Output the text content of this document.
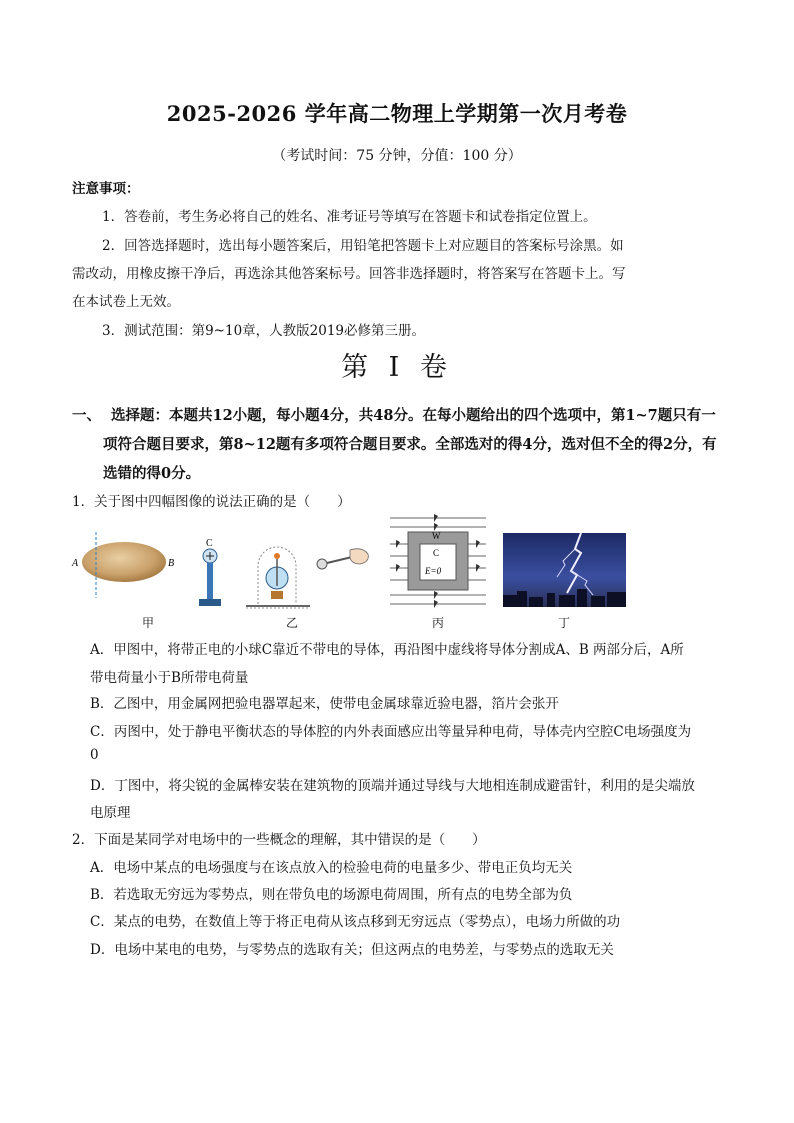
2025-2026 学年高二物理上学期第一次月考卷
（考试时间：75 分钟，分值：100 分）
注意事项：
1．答卷前，考生务必将自己的姓名、准考证号等填写在答题卡和试卷指定位置上。
2．回答选择题时，选出每小题答案后，用铅笔把答题卡上对应题目的答案标号涂黑。如
需改动，用橡皮擦干净后，再选涂其他答案标号。回答非选择题时，将答案写在答题卡上。写
在本试卷上无效。
3．测试范围：第9~10章，人教版2019必修第三册。
第 I 卷
一、 选择题：本题共12小题，每小题4分，共48分。在每小题给出的四个选项中，第1~7题只有一
项符合题目要求，第8~12题有多项符合题目要求。全部选对的得4分，选对但不全的得2分，有
选错的得0分。
1．关于图中四幅图像的说法正确的是（　　）
A	B
C
W
C
E=0
甲	乙	丙	丁
A．甲图中，将带正电的小球C靠近不带电的导体，再沿图中虚线将导体分割成A、B 两部分后，A所
带电荷量小于B所带电荷量
B．乙图中，用金属网把验电器罩起来，使带电金属球靠近验电器，箔片会张开
C．丙图中，处于静电平衡状态的导体腔的内外表面感应出等量异种电荷，导体壳内空腔C电场强度为
0
D．丁图中，将尖锐的金属棒安装在建筑物的顶端并通过导线与大地相连制成避雷针，利用的是尖端放
电原理
2．下面是某同学对电场中的一些概念的理解，其中错误的是（　　）
A．电场中某点的电场强度与在该点放入的检验电荷的电量多少、带电正负均无关
B．若选取无穷远为零势点，则在带负电的场源电荷周围，所有点的电势全部为负
C．某点的电势，在数值上等于将正电荷从该点移到无穷远点（零势点），电场力所做的功
D．电场中某电的电势，与零势点的选取有关；但这两点的电势差，与零势点的选取无关
